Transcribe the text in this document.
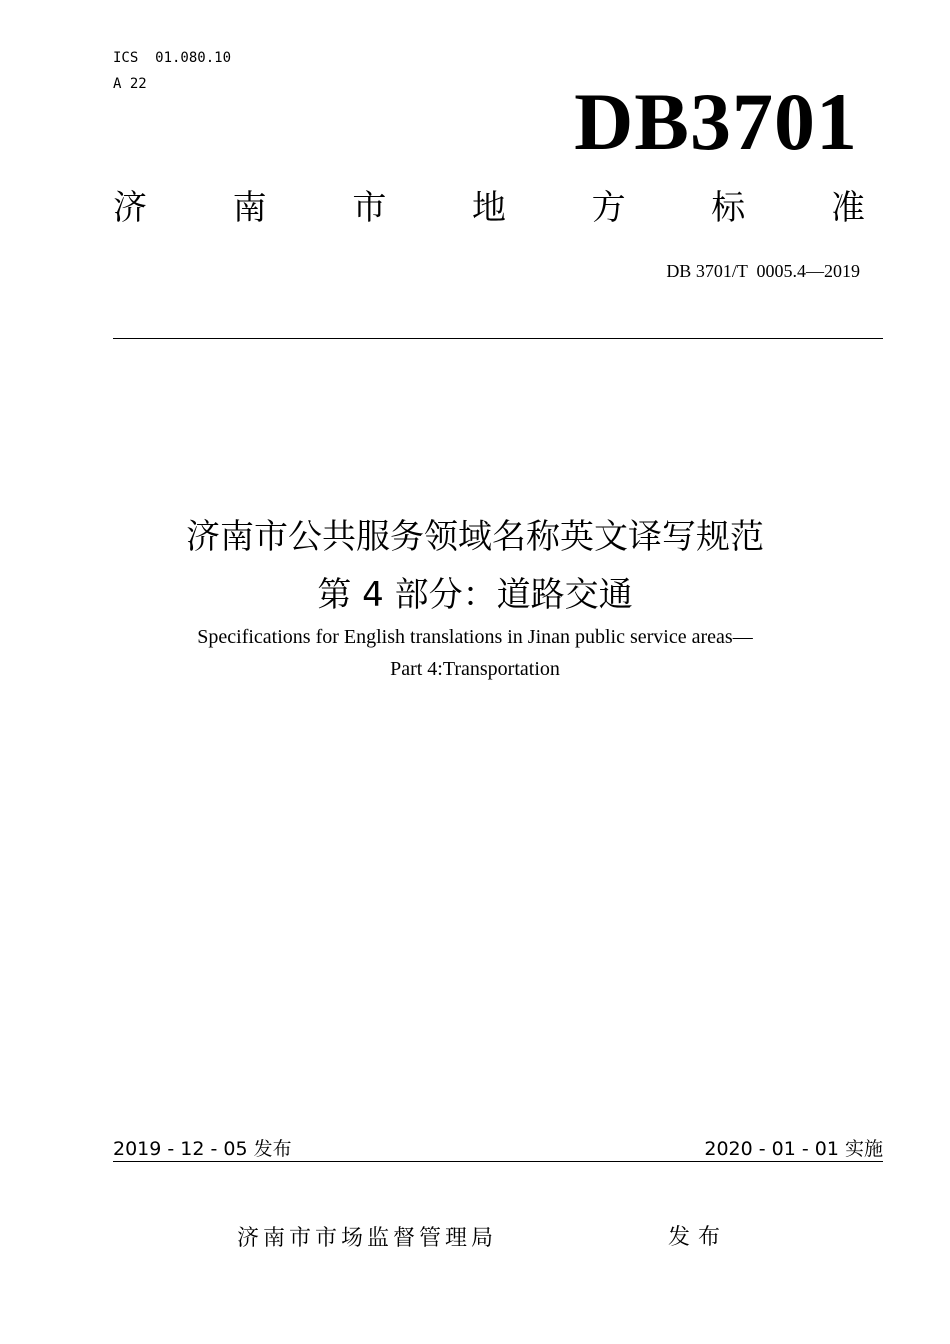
ICS  01.080.10
A 22	DB3701
济	南	市	地	方	标	准
DB 3701/T  0005.4—2019
济南市公共服务领域名称英文译写规范
第 4 部分：道路交通
Specifications for English translations in Jinan public service areas—
Part 4:Transportation
2019 - 12 - 05 发布	2020 - 01 - 01 实施
济南市市场监督管理局	发布
